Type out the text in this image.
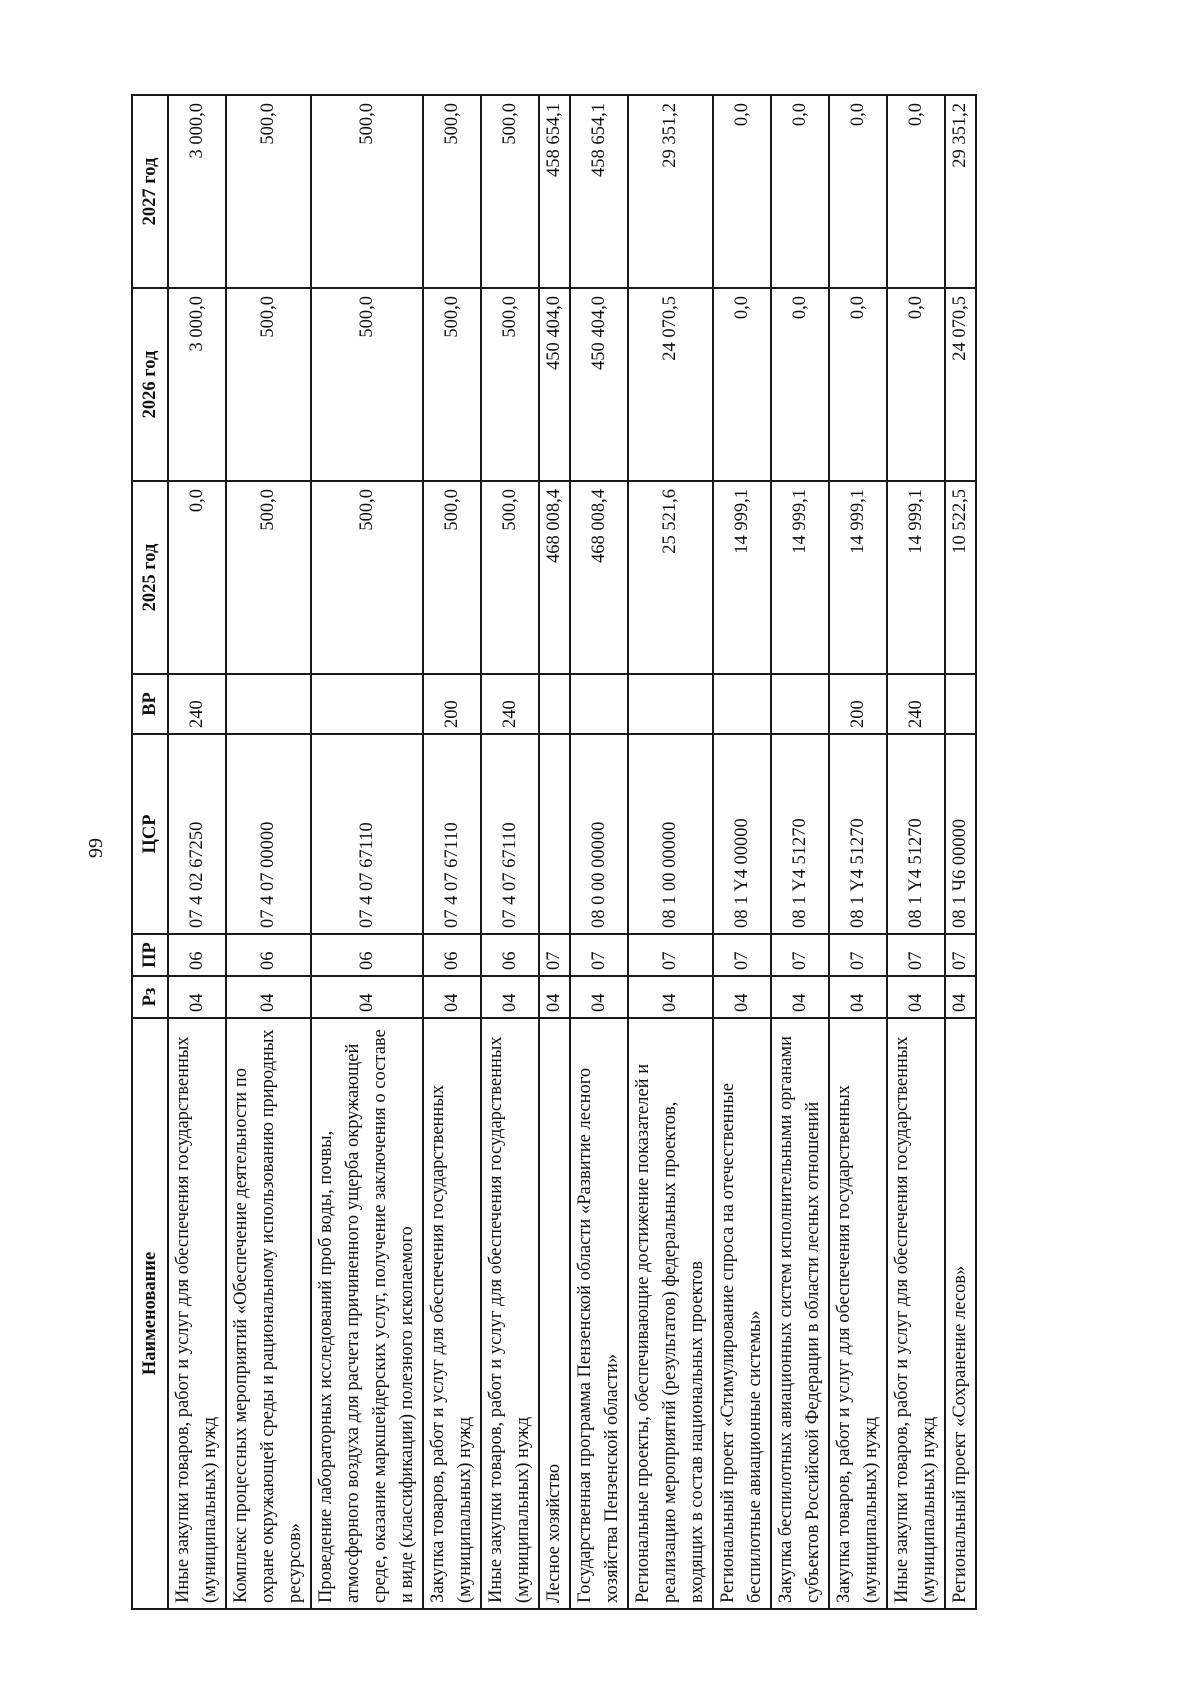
99
Наименование	Рз	ПР	ЦСР	ВР	2025 год	2026 год	2027 год
Иные закупки товаров, работ и услуг для обеспечения государственных (муниципальных) нужд	04	06	07 4 02 67250	240	0,0	3 000,0	3 000,0
Комплекс процессных мероприятий «Обеспечение деятельности по охране окружающей среды и рациональному использованию природных ресурсов»	04	06	07 4 07 00000		500,0	500,0	500,0
Проведение лабораторных исследований проб воды, почвы, атмосферного воздуха для расчета причиненного ущерба окружающей среде, оказание маркшейдерских услуг, получение заключения о составе и виде (классификации) полезного ископаемого	04	06	07 4 07 67110		500,0	500,0	500,0
Закупка товаров, работ и услуг для обеспечения государственных (муниципальных) нужд	04	06	07 4 07 67110	200	500,0	500,0	500,0
Иные закупки товаров, работ и услуг для обеспечения государственных (муниципальных) нужд	04	06	07 4 07 67110	240	500,0	500,0	500,0
Лесное хозяйство	04	07			468 008,4	450 404,0	458 654,1
Государственная программа Пензенской области «Развитие лесного хозяйства Пензенской области»	04	07	08 0 00 00000		468 008,4	450 404,0	458 654,1
Региональные проекты, обеспечивающие достижение показателей и реализацию мероприятий (результатов) федеральных проектов, входящих в состав национальных проектов	04	07	08 1 00 00000		25 521,6	24 070,5	29 351,2
Региональный проект «Стимулирование спроса на отечественные беспилотные авиационные системы»	04	07	08 1 Y4 00000		14 999,1	0,0	0,0
Закупка беспилотных авиационных систем исполнительными органами субъектов Российской Федерации в области лесных отношений	04	07	08 1 Y4 51270		14 999,1	0,0	0,0
Закупка товаров, работ и услуг для обеспечения государственных (муниципальных) нужд	04	07	08 1 Y4 51270	200	14 999,1	0,0	0,0
Иные закупки товаров, работ и услуг для обеспечения государственных (муниципальных) нужд	04	07	08 1 Y4 51270	240	14 999,1	0,0	0,0
Региональный проект «Сохранение лесов»	04	07	08 1 Ч6 00000		10 522,5	24 070,5	29 351,2
